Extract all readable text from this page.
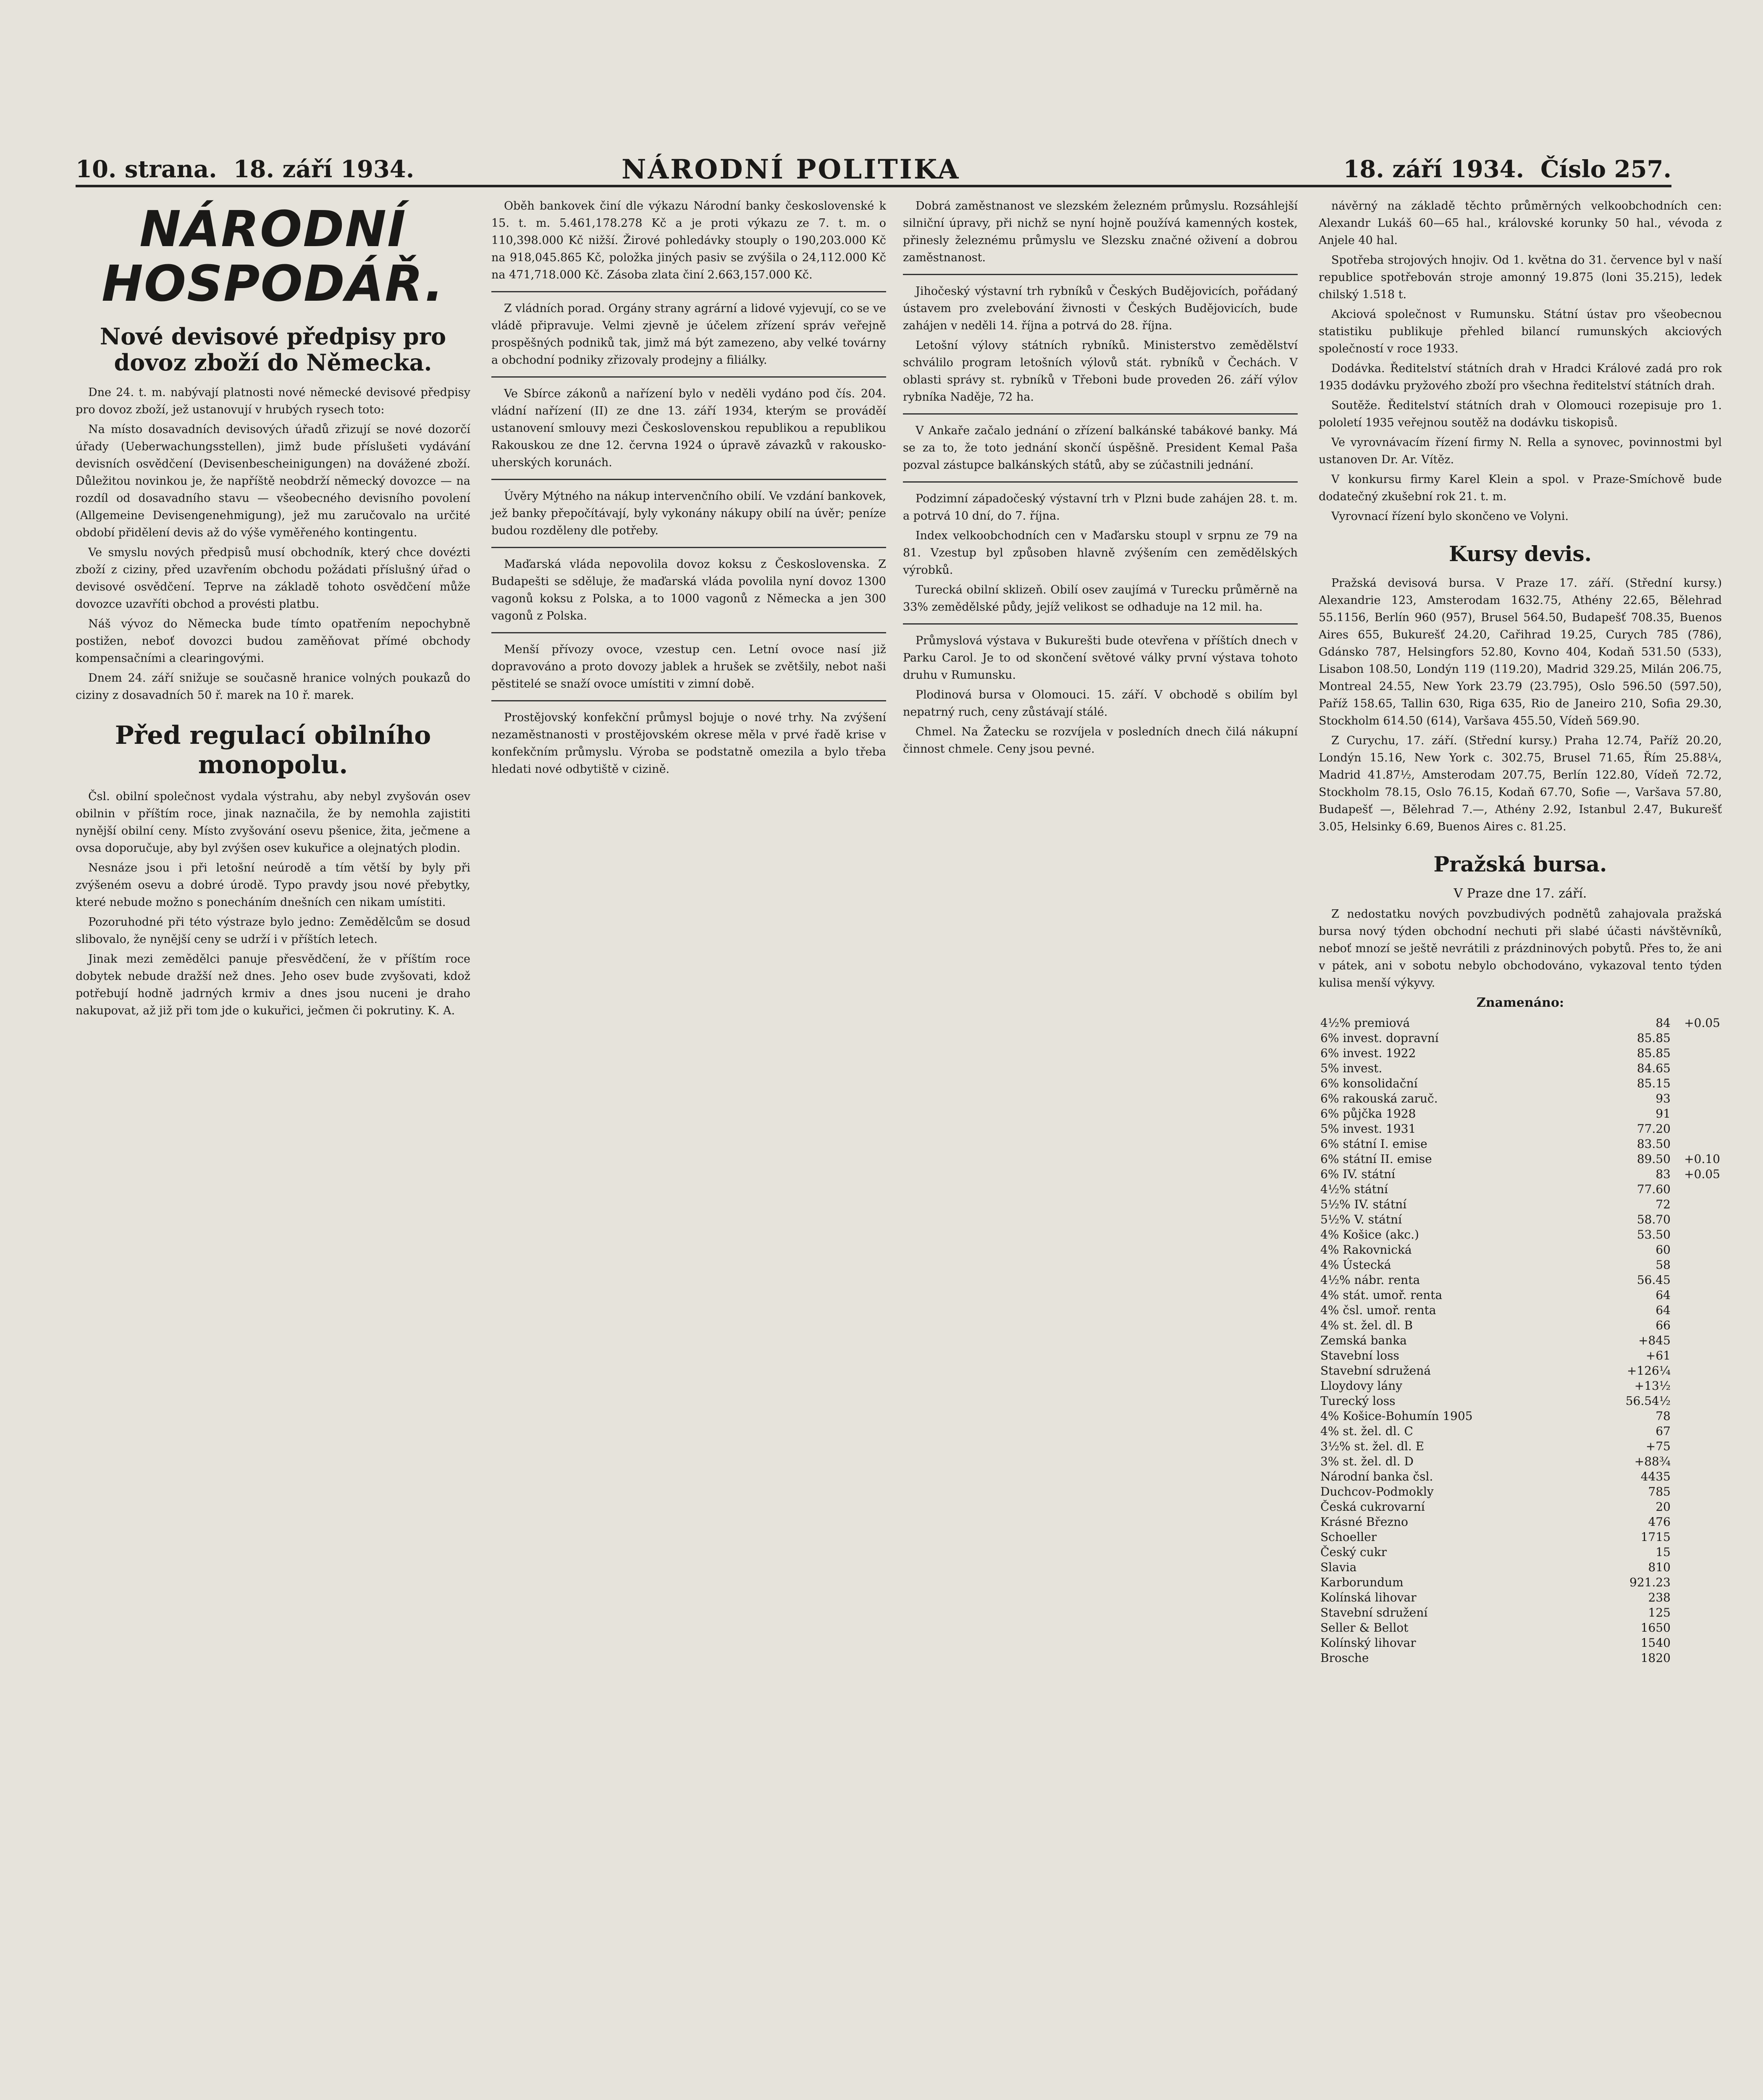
10. strana. 18. září 1934.	NÁRODNÍ POLITIKA	18. září 1934. Číslo 257.
NÁRODNÍ HOSPODÁŘ.
Nové devisové předpisy pro dovoz zboží do Německa.

Dne 24. t. m. nabývají platnosti nové německé devisové předpisy pro dovoz zboží, jež ustanovují v hrubých rysech toto:

Na místo dosavadních devisových úřadů zřizují se nové dozorčí úřady (Ueberwachungsstellen), jimž bude příslušeti vydávání devisních osvědčení (Devisenbescheinigungen) na dovážené zboží. Důležitou novinkou je, že napříště neobdrží německý dovozce — na rozdíl od dosavadního stavu — všeobecného devisního povolení (Allgemeine Devisengenehmigung), jež mu zaručovalo na určité období přidělení devis až do výše vyměřeného kontingentu.

Ve smyslu nových předpisů musí obchodník, který chce dovézti zboží z ciziny, před uzavřením obchodu požádati příslušný úřad o devisové osvědčení. Teprve na základě tohoto osvědčení může dovozce uzavříti obchod a provésti platbu.

Náš vývoz do Německa bude tímto opatřením nepochybně postižen, neboť dovozci budou zaměňovat přímé obchody kompensačními a clearingovými.

Dnem 24. září snižuje se současně hranice volných poukazů do ciziny z dosavadních 50 ř. marek na 10 ř. marek.

Před regulací obilního monopolu.

Čsl. obilní společnost vydala výstrahu, aby nebyl zvyšován osev obilnin v příštím roce, jinak naznačila, že by nemohla zajistiti nynější obilní ceny. Místo zvyšování osevu pšenice, žita, ječmene a ovsa doporučuje, aby byl zvýšen osev kukuřice a olejnatých plodin.

Nesnáze jsou i při letošní neúrodě a tím větší by byly při zvýšeném osevu a dobré úrodě. Typo pravdy jsou nové přebytky, které nebude možno s ponecháním dnešních cen nikam umístiti.

Pozoruhodné při této výstraze bylo jedno: Zemědělcům se dosud slibovalo, že nynější ceny se udrží i v příštích letech.

Jinak mezi zemědělci panuje přesvědčení, že v příštím roce dobytek nebude dražší než dnes. Jeho osev bude zvyšovati, kdož potřebují hodně jadrných krmiv a dnes jsou nuceni je draho nakupovat, až již při tom jde o kukuřici, ječmen či pokrutiny. K. A.

Oběh bankovek činí dle výkazu Národní banky československé k 15. t. m. 5.461,178.278 Kč a je proti výkazu ze 7. t. m. o 110,398.000 Kč nižší. Žirové pohledávky stouply o 190,203.000 Kč na 918,045.865 Kč, položka jiných pasiv se zvýšila o 24,112.000 Kč na 471,718.000 Kč. Zásoba zlata činí 2.663,157.000 Kč.

Z vládních porad. Orgány strany agrární a lidové vyjevují, co se ve vládě připravuje. Velmi zjevně je účelem zřízení správ veřejně prospěšných podniků tak, jimž má být zamezeno, aby velké továrny a obchodní podniky zřizovaly prodejny a filiálky.

Ve Sbírce zákonů a nařízení bylo v neděli vydáno pod čís. 204. vládní nařízení (II) ze dne 13. září 1934, kterým se prováděí ustanovení smlouvy mezi Československou republikou a republikou Rakouskou ze dne 12. června 1924 o úpravě závazků v rakousko-uherských korunách.

Úvěry Mýtného na nákup intervenčního obilí. Ve vzdání bankovek, jež banky přepočítávají, byly vykonány nákupy obilí na úvěr; peníze budou rozděleny dle potřeby.

Maďarská vláda nepovolila dovoz koksu z Československa. Z Budapešti se sděluje, že maďarská vláda povolila nyní dovoz 1300 vagonů koksu z Polska, a to 1000 vagonů z Německa a jen 300 vagonů z Polska.

Menší přívozy ovoce, vzestup cen. Letní ovoce nasí již dopravováno a proto dovozy jablek a hrušek se zvětšily, nebot naši pěstitelé se snaží ovoce umístiti v zimní době.

Prostějovský konfekční průmysl bojuje o nové trhy. Na zvýšení nezaměstnanosti v prostějovském okrese měla v prvé řadě krise v konfekčním průmyslu. Výroba se podstatně omezila a bylo třeba hledati nové odbytiště v cizině.

Dobrá zaměstnanost ve slezském železném průmyslu. Rozsáhlejší silniční úpravy, při nichž se nyní hojně používá kamenných kostek, přinesly železnému průmyslu ve Slezsku značné oživení a dobrou zaměstnanost.

Jihočeský výstavní trh rybníků v Českých Budějovicích, pořádaný ústavem pro zvelebování živnosti v Českých Budějovicích, bude zahájen v neděli 14. října a potrvá do 28. října.

Letošní výlovy státních rybníků. Ministerstvo zemědělství schválilo program letošních výlovů stát. rybníků v Čechách. V oblasti správy st. rybníků v Třeboni bude proveden 26. září výlov rybníka Naděje, 72 ha.

V Ankaře začalo jednání o zřízení balkánské tabákové banky. Má se za to, že toto jednání skončí úspěšně. President Kemal Paša pozval zástupce balkánských států, aby se zúčastnili jednání.

Podzimní západočeský výstavní trh v Plzni bude zahájen 28. t. m. a potrvá 10 dní, do 7. října.

Index velkoobchodních cen v Maďarsku stoupl v srpnu ze 79 na 81. Vzestup byl způsoben hlavně zvýšením cen zemědělských výrobků.

Turecká obilní sklizeň. Obilí osev zaujímá v Turecku průměrně na 33% zemědělské půdy, jejíž velikost se odhaduje na 12 mil. ha.

Průmyslová výstava v Bukurešti bude otevřena v příštích dnech v Parku Carol. Je to od skončení světové války první výstava tohoto druhu v Rumunsku.

Plodinová bursa v Olomouci. 15. září. V obchodě s obilím byl nepatrný ruch, ceny zůstávají stálé.

Chmel. Na Žatecku se rozvíjela v posledních dnech čilá nákupní činnost chmele. Ceny jsou pevné.

návěrný na základě těchto průměrných velkoobchodních cen: Alexandr Lukáš 60—65 hal., královské korunky 50 hal., vévoda z Anjele 40 hal.

Spotřeba strojových hnojiv. Od 1. května do 31. července byl v naší republice spotřebován stroje amonný 19.875 (loni 35.215), ledek chilský 1.518 t.

Akciová společnost v Rumunsku. Státní ústav pro všeobecnou statistiku publikuje přehled bilancí rumunských akciových společností v roce 1933.

Dodávka. Ředitelství státních drah v Hradci Králové zadá pro rok 1935 dodávku pryžového zboží pro všechna ředitelství státních drah.

Soutěže. Ředitelství státních drah v Olomouci rozepisuje pro 1. pololetí 1935 veřejnou soutěž na dodávku tiskopisů.

Ve vyrovnávacím řízení firmy N. Rella a synovec, povinnostmi byl ustanoven Dr. Ar. Vítěz.

V konkursu firmy Karel Klein a spol. v Praze-Smíchově bude dodatečný zkušební rok 21. t. m.

Vyrovnací řízení bylo skončeno ve Volyni.

Kursy devis.

Pražská devisová bursa. V Praze 17. září. (Střední kursy.) Alexandrie 123, Amsterodam 1632.75, Athény 22.65, Bělehrad 55.1156, Berlín 960 (957), Brusel 564.50, Budapešť 708.35, Buenos Aires 655, Bukurešť 24.20, Cařihrad 19.25, Curych 785 (786), Gdánsko 787, Helsingfors 52.80, Kovno 404, Kodaň 531.50 (533), Lisabon 108.50, Londýn 119 (119.20), Madrid 329.25, Milán 206.75, Montreal 24.55, New York 23.79 (23.795), Oslo 596.50 (597.50), Paříž 158.65, Tallin 630, Riga 635, Rio de Janeiro 210, Sofia 29.30, Stockholm 614.50 (614), Varšava 455.50, Vídeň 569.90.

Z Curychu, 17. září. (Střední kursy.) Praha 12.74, Paříž 20.20, Londýn 15.16, New York c. 302.75, Brusel 71.65, Řím 25.88¼, Madrid 41.87½, Amsterodam 207.75, Berlín 122.80, Vídeň 72.72, Stockholm 78.15, Oslo 76.15, Kodaň 67.70, Sofie —, Varšava 57.80, Budapešť —, Bělehrad 7.—, Athény 2.92, Istanbul 2.47, Bukurešť 3.05, Helsinky 6.69, Buenos Aires c. 81.25.

Pražská bursa.
V Praze dne 17. září.

Z nedostatku nových povzbudivých podnětů zahajovala pražská bursa nový týden obchodní nechuti při slabé účasti návštěvníků, neboť mnozí se ještě nevrátili z prázdninových pobytů. Přes to, že ani v pátek, ani v sobotu nebylo obchodováno, vykazoval tento týden kulisa menší výkyvy.

Znamenáno:
4½% premiová	84	+0.05
6% invest. dopravní	85.85	
6% invest. 1922	85.85	
5% invest.	84.65	
6% konsolidační	85.15	
6% rakouská zaruč.	93	
6% půjčka 1928	91	
5% invest. 1931	77.20	
6% státní I. emise	83.50	
6% státní II. emise	89.50	+0.10
6% IV. státní	83	+0.05
4½% státní	77.60	
5½% IV. státní	72	
5½% V. státní	58.70	
4% Košice (akc.)	53.50	
4% Rakovnická	60	
4% Ústecká	58	
4½% nábr. renta	56.45	
4% stát. umoř. renta	64	
4% čsl. umoř. renta	64	
4% st. žel. dl. B	66	
Zemská banka	+845	
Stavební loss	+61	
Stavební sdružená	+126¼	
Lloydovy lány	+13½	
Turecký loss	56.54½	
4% Košice-Bohumín 1905	78	
4% st. žel. dl. C	67	
3½% st. žel. dl. E	+75	
3% st. žel. dl. D	+88¾	
Národní banka čsl.	4435	
Duchcov-Podmokly	785	
Česká cukrovarní	20	
Krásné Březno	476	
Schoeller	1715	
Český cukr	15	
Slavia	810	
Karborundum	921.23	
Kolínská lihovar	238	
Stavební sdružení	125	
Seller & Bellot	1650	
Kolínský lihovar	1540	
Brosche	1820	
